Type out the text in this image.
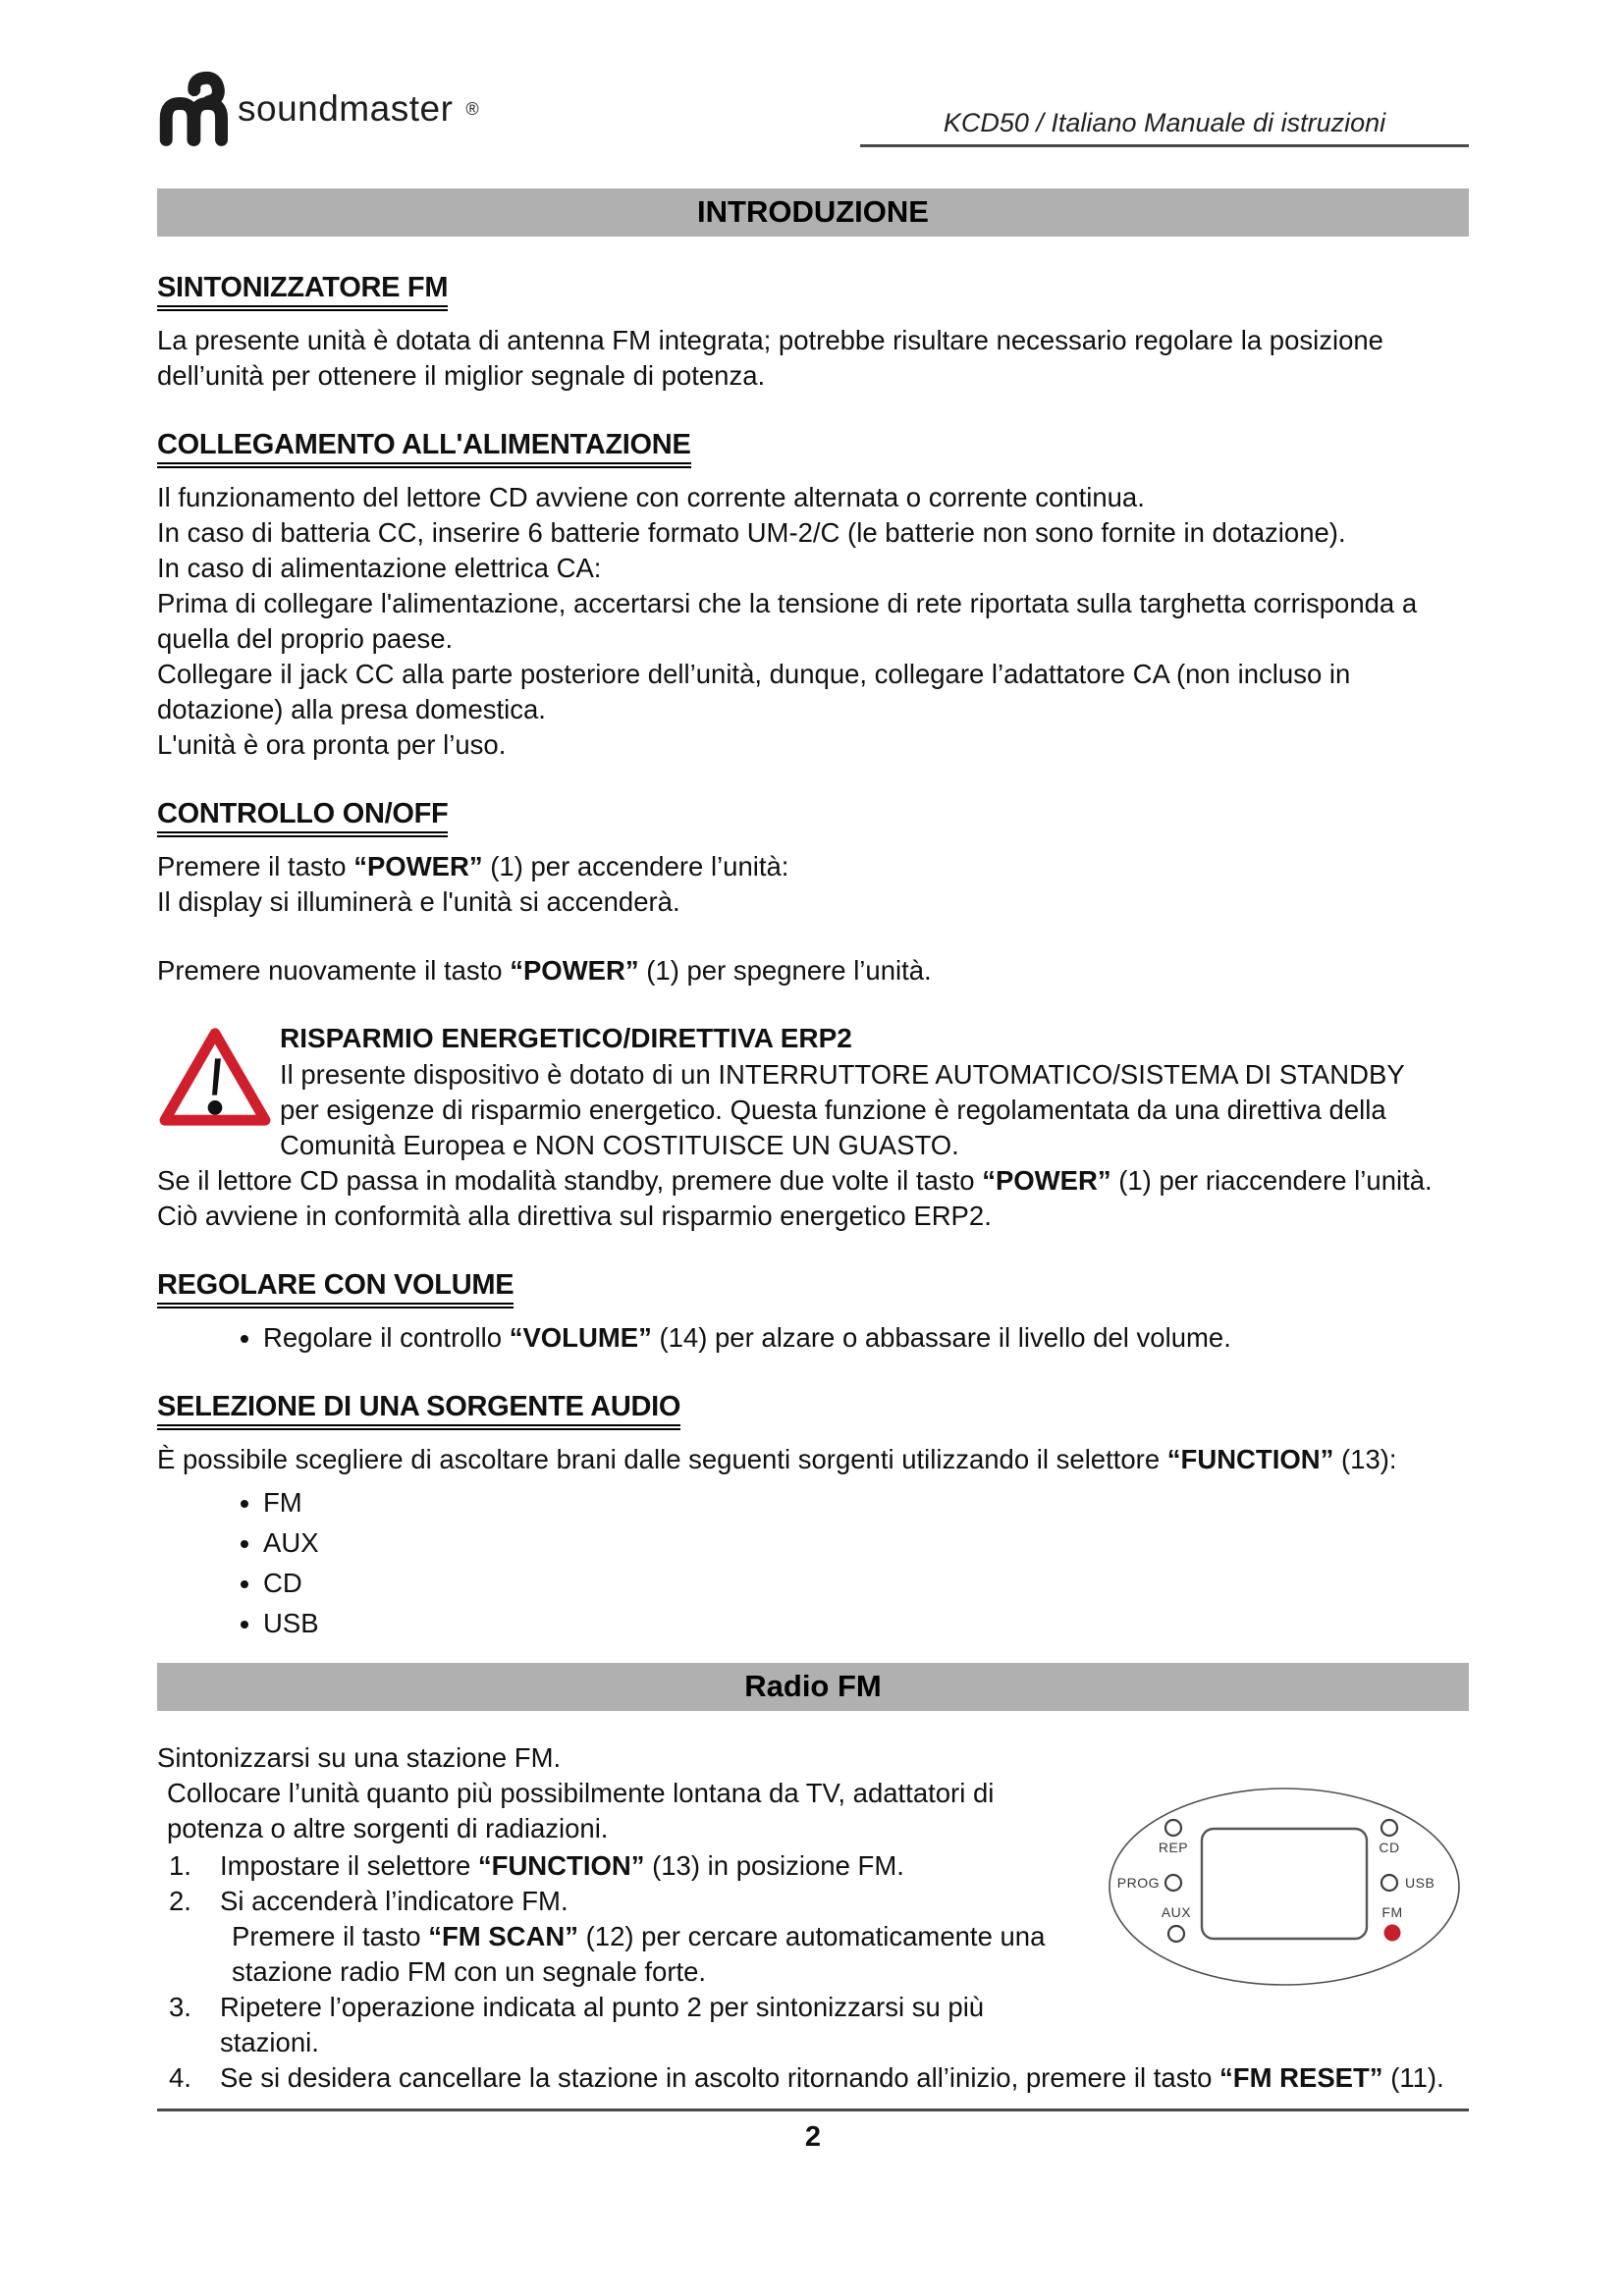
soundmaster ®	KCD50 / Italiano Manuale di istruzioni
INTRODUZIONE
SINTONIZZATORE FM

La presente unità è dotata di antenna FM integrata; potrebbe risultare necessario regolare la posizione dell’unità per ottenere il miglior segnale di potenza.

COLLEGAMENTO ALL'ALIMENTAZIONE

Il funzionamento del lettore CD avviene con corrente alternata o corrente continua.

In caso di batteria CC, inserire 6 batterie formato UM-2/C (le batterie non sono fornite in dotazione).

In caso di alimentazione elettrica CA:

Prima di collegare l'alimentazione, accertarsi che la tensione di rete riportata sulla targhetta corrisponda a quella del proprio paese.

Collegare il jack CC alla parte posteriore dell’unità, dunque, collegare l’adattatore CA (non incluso in dotazione) alla presa domestica.

L'unità è ora pronta per l’uso.

CONTROLLO ON/OFF

Premere il tasto “POWER” (1) per accendere l’unità:

Il display si illuminerà e l'unità si accenderà.

Premere nuovamente il tasto “POWER” (1) per spegnere l’unità.

RISPARMIO ENERGETICO/DIRETTIVA ERP2

Il presente dispositivo è dotato di un INTERRUTTORE AUTOMATICO/SISTEMA DI STANDBY per esigenze di risparmio energetico. Questa funzione è regolamentata da una direttiva della Comunità Europea e NON COSTITUISCE UN GUASTO.

Se il lettore CD passa in modalità standby, premere due volte il tasto “POWER” (1) per riaccendere l’unità. Ciò avviene in conformità alla direttiva sul risparmio energetico ERP2.

REGOLARE CON VOLUME
• Regolare il controllo “VOLUME” (14) per alzare o abbassare il livello del volume.
SELEZIONE DI UNA SORGENTE AUDIO

È possibile scegliere di ascoltare brani dalle seguenti sorgenti utilizzando il selettore “FUNCTION” (13):

• FM
• AUX
• CD
• USB
Radio FM
REP
PROG
AUX
CD
USB
FM

Sintonizzarsi su una stazione FM.

Collocare l’unità quanto più possibilmente lontana da TV, adattatori di potenza o altre sorgenti di radiazioni.

1.	Impostare il selettore “FUNCTION” (13) in posizione FM.
2.	Si accenderà l’indicatore FM.

Premere il tasto “FM SCAN” (12) per cercare automaticamente una stazione radio FM con un segnale forte.

3.	Ripetere l’operazione indicata al punto 2 per sintonizzarsi su più stazioni.
4.	Se si desidera cancellare la stazione in ascolto ritornando all’inizio, premere il tasto “FM RESET” (11).
2
